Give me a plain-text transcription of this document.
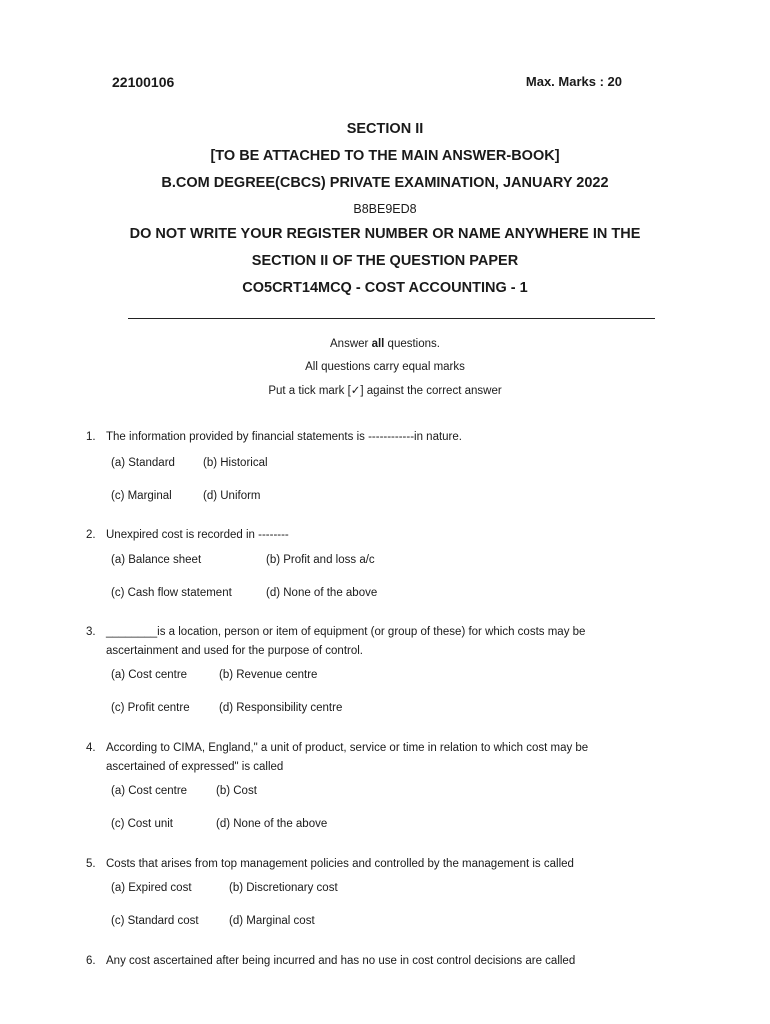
22100106	Max. Marks : 20
SECTION II
[TO BE ATTACHED TO THE MAIN ANSWER-BOOK]
B.COM DEGREE(CBCS) PRIVATE EXAMINATION, JANUARY 2022
B8BE9ED8
DO NOT WRITE YOUR REGISTER NUMBER OR NAME ANYWHERE IN THE
SECTION II OF THE QUESTION PAPER
CO5CRT14MCQ - COST ACCOUNTING - 1
Answer all questions.
All questions carry equal marks
Put a tick mark [✓] against the correct answer
1. The information provided by financial statements is ------------in nature.
(a) Standard (b) Historical
(c) Marginal	(d) Uniform
2. Unexpired cost is recorded in --------
(a) Balance sheet	(b) Profit and loss a/c
(c) Cash flow statement	(d) None of the above
3. ________is a location, person or item of equipment (or group of these) for which costs may be ascertainment and used for the purpose of control.
(a) Cost centre	(b) Revenue centre
(c) Profit centre	(d) Responsibility centre
4. According to CIMA, England," a unit of product, service or time in relation to which cost may be ascertained of expressed" is called
(a) Cost centre	(b) Cost
(c) Cost unit	(d) None of the above
5. Costs that arises from top management policies and controlled by the management is called
(a) Expired cost	(b) Discretionary cost
(c) Standard cost	(d) Marginal cost
6. Any cost ascertained after being incurred and has no use in cost control decisions are called
